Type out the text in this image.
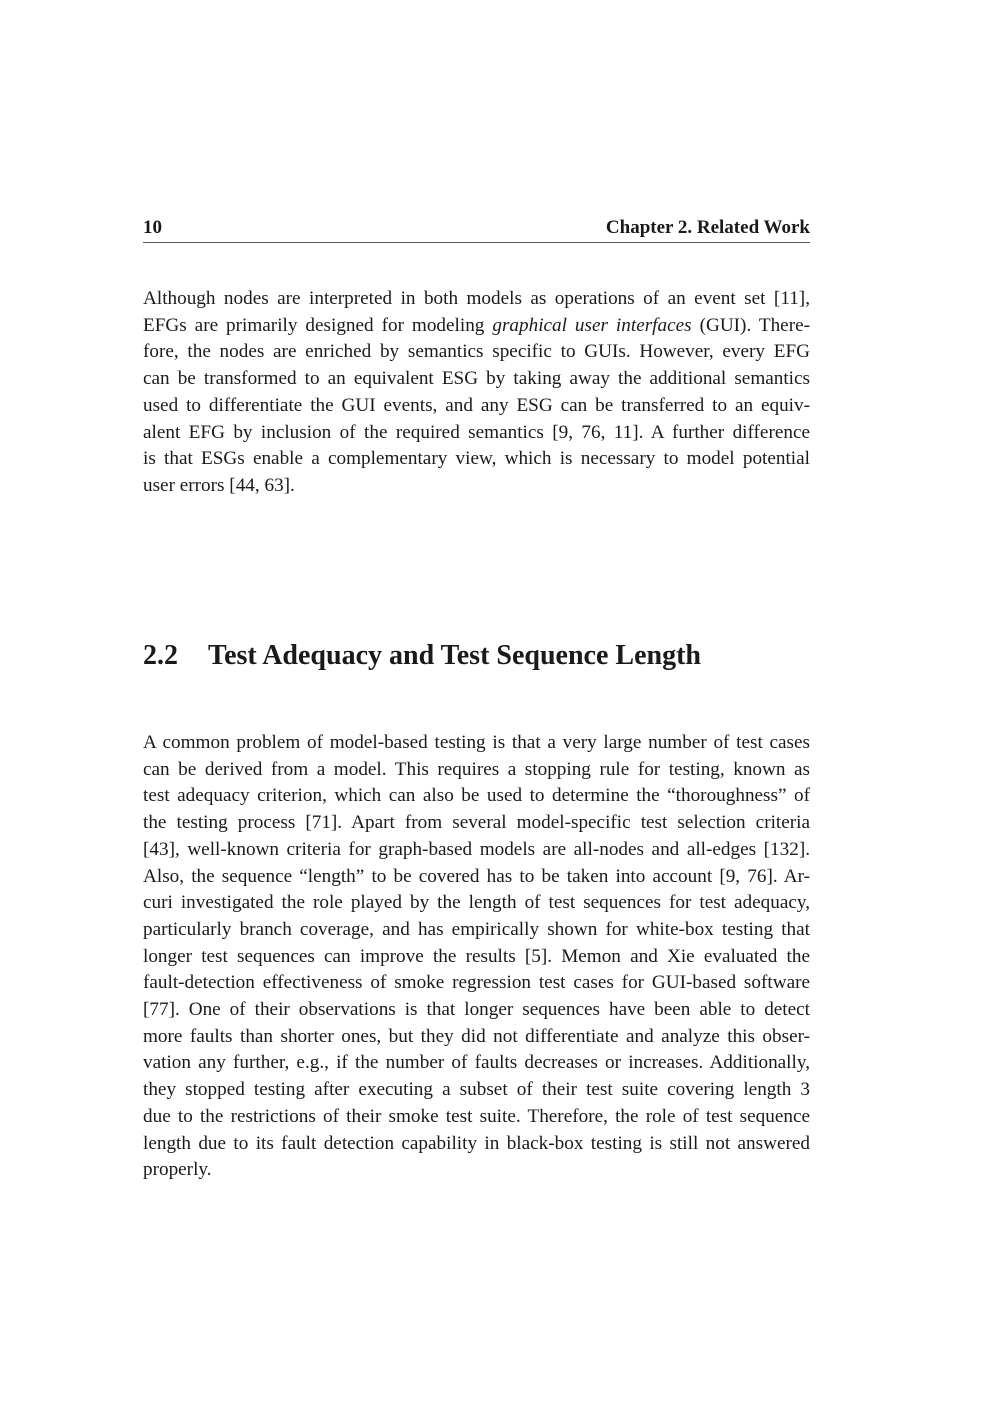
10	Chapter 2. Related Work

Although nodes are interpreted in both models as operations of an event set [11],
EFGs are primarily designed for modeling graphical user interfaces (GUI). There-
fore, the nodes are enriched by semantics specific to GUIs. However, every EFG
can be transformed to an equivalent ESG by taking away the additional semantics
used to differentiate the GUI events, and any ESG can be transferred to an equiv-
alent EFG by inclusion of the required semantics [9, 76, 11]. A further difference
is that ESGs enable a complementary view, which is necessary to model potential
user errors [44, 63].

2.2 Test Adequacy and Test Sequence Length

A common problem of model-based testing is that a very large number of test cases
can be derived from a model. This requires a stopping rule for testing, known as
test adequacy criterion, which can also be used to determine the “thoroughness” of
the testing process [71]. Apart from several model-specific test selection criteria
[43], well-known criteria for graph-based models are all-nodes and all-edges [132].
Also, the sequence “length” to be covered has to be taken into account [9, 76]. Ar-
curi investigated the role played by the length of test sequences for test adequacy,
particularly branch coverage, and has empirically shown for white-box testing that
longer test sequences can improve the results [5]. Memon and Xie evaluated the
fault-detection effectiveness of smoke regression test cases for GUI-based software
[77]. One of their observations is that longer sequences have been able to detect
more faults than shorter ones, but they did not differentiate and analyze this obser-
vation any further, e.g., if the number of faults decreases or increases. Additionally,
they stopped testing after executing a subset of their test suite covering length 3
due to the restrictions of their smoke test suite. Therefore, the role of test sequence
length due to its fault detection capability in black-box testing is still not answered
properly.
